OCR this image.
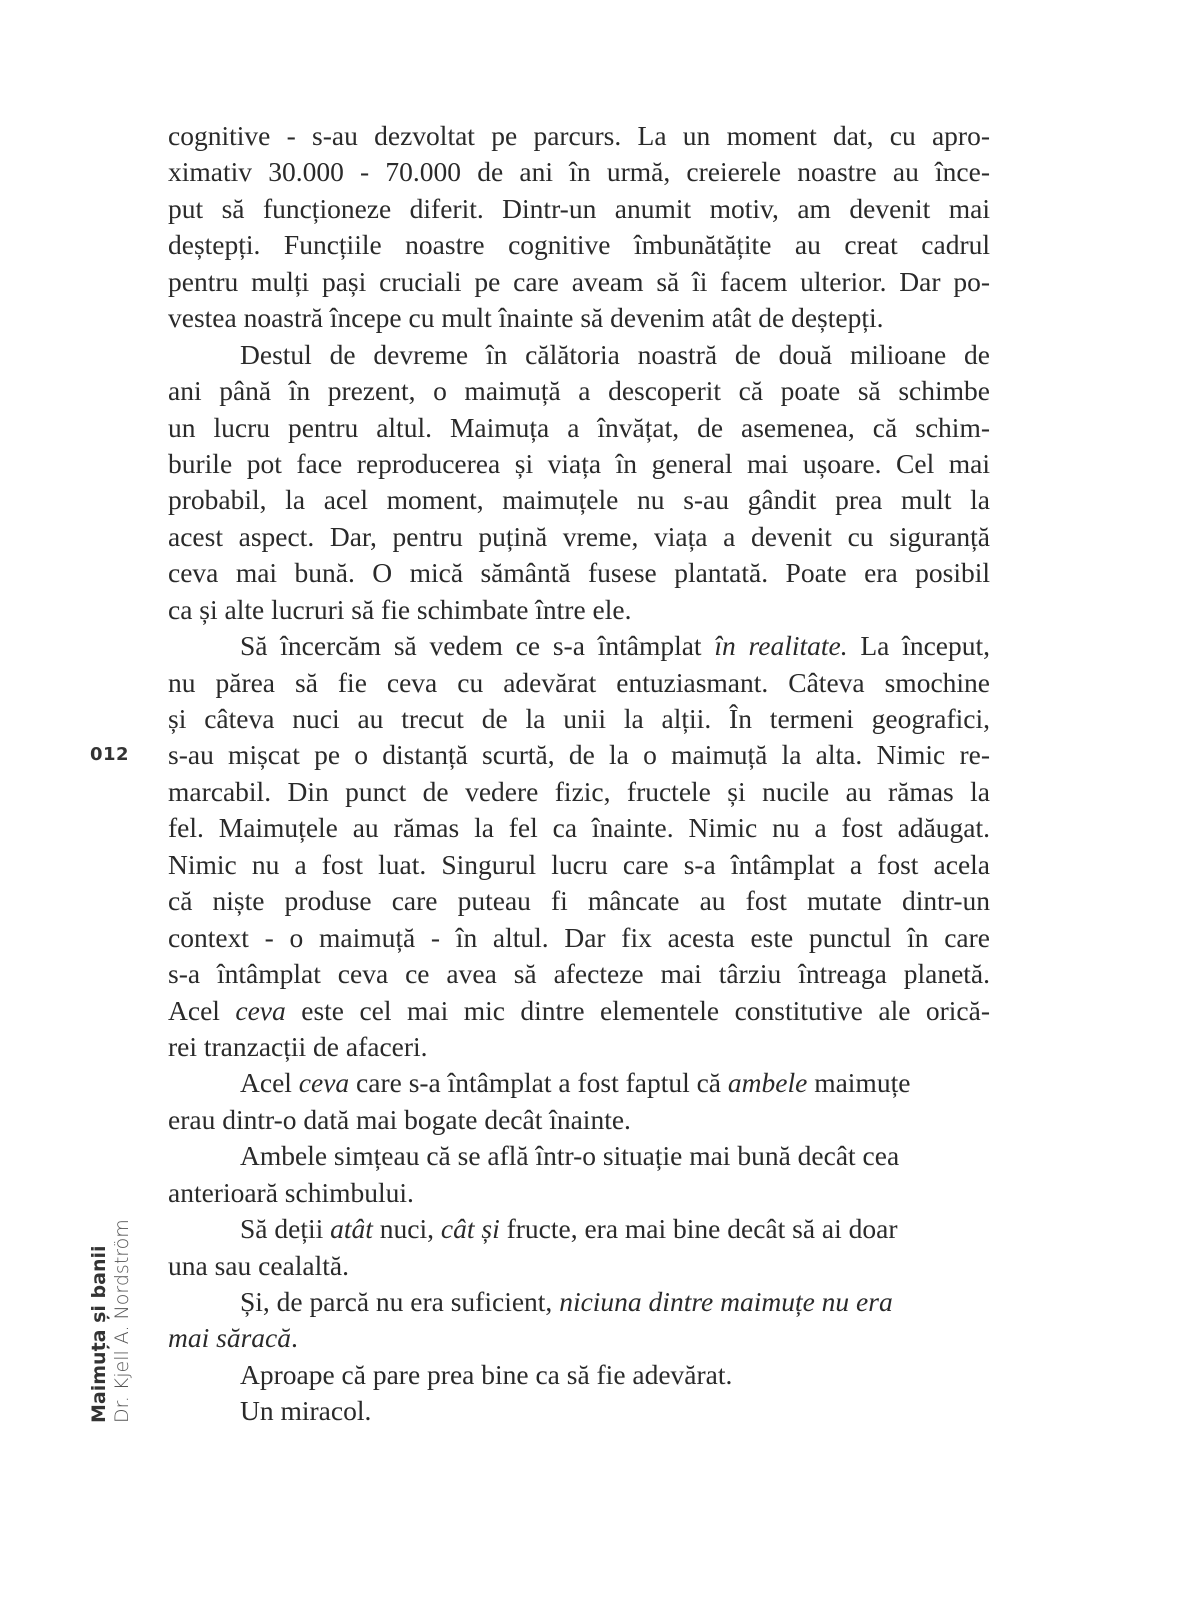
cognitive - s-au dezvoltat pe parcurs. La un moment dat, cu apro-
ximativ 30.000 - 70.000 de ani în urmă, creierele noastre au înce-
put să funcționeze diferit. Dintr-un anumit motiv, am devenit mai
deștepți. Funcțiile noastre cognitive îmbunătățite au creat cadrul
pentru mulți pași cruciali pe care aveam să îi facem ulterior. Dar po-
vestea noastră începe cu mult înainte să devenim atât de deștepți.
Destul de devreme în călătoria noastră de două milioane de
ani până în prezent, o maimuță a descoperit că poate să schimbe
un lucru pentru altul. Maimuța a învățat, de asemenea, că schim-
burile pot face reproducerea și viața în general mai ușoare. Cel mai
probabil, la acel moment, maimuțele nu s-au gândit prea mult la
acest aspect. Dar, pentru puțină vreme, viața a devenit cu siguranță
ceva mai bună. O mică sământă fusese plantată. Poate era posibil
ca și alte lucruri să fie schimbate între ele.
Să încercăm să vedem ce s-a întâmplat în realitate. La început,
nu părea să fie ceva cu adevărat entuziasmant. Câteva smochine
și câteva nuci au trecut de la unii la alții. În termeni geografici,
s-au mișcat pe o distanță scurtă, de la o maimuță la alta. Nimic re-
marcabil. Din punct de vedere fizic, fructele și nucile au rămas la
fel. Maimuțele au rămas la fel ca înainte. Nimic nu a fost adăugat.
Nimic nu a fost luat. Singurul lucru care s-a întâmplat a fost acela
că niște produse care puteau fi mâncate au fost mutate dintr-un
context - o maimuță - în altul. Dar fix acesta este punctul în care
s-a întâmplat ceva ce avea să afecteze mai târziu întreaga planetă.
Acel ceva este cel mai mic dintre elementele constitutive ale orică-
rei tranzacții de afaceri.
Acel ceva care s-a întâmplat a fost faptul că ambele maimuțe
erau dintr-o dată mai bogate decât înainte.
Ambele simțeau că se află într-o situație mai bună decât cea
anterioară schimbului.
Să deții atât nuci, cât și fructe, era mai bine decât să ai doar
una sau cealaltă.
Și, de parcă nu era suficient, niciuna dintre maimuțe nu era
mai săracă.
Aproape că pare prea bine ca să fie adevărat.
Un miracol.
012
Maimuța și banii Dr. Kjell A. Nordström
